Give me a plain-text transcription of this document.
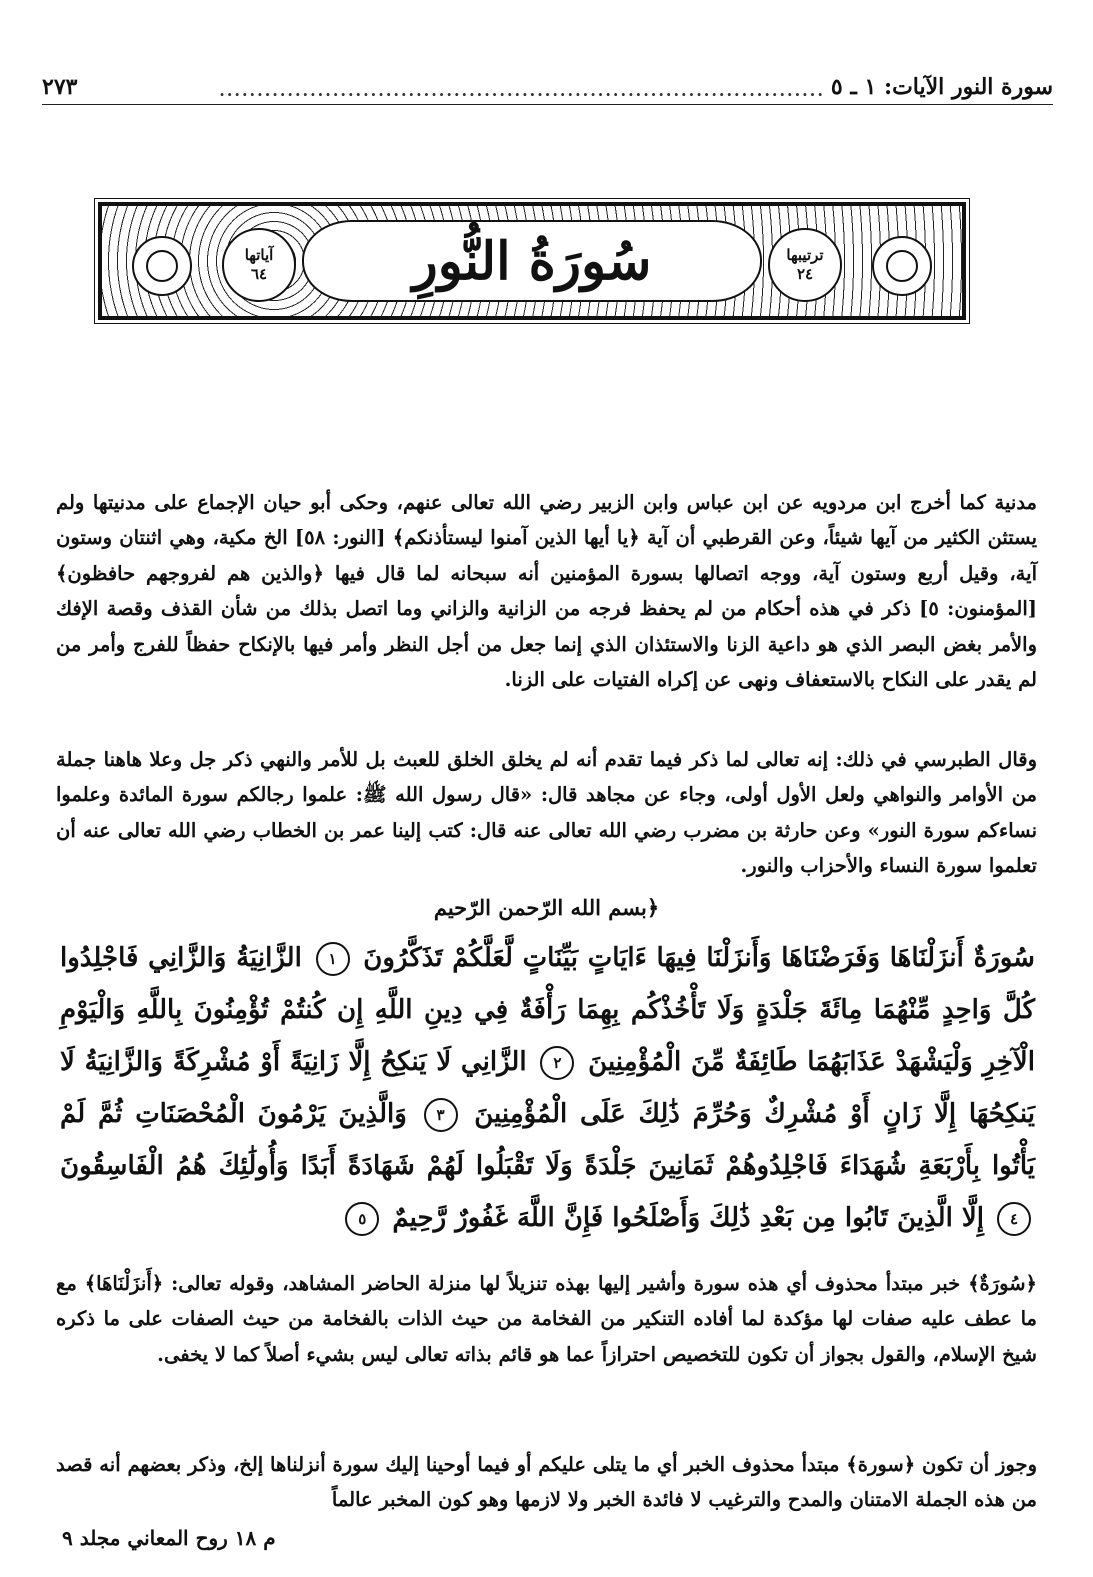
سورة النور الآيات: ١ ـ ٥
................................................................................
٢٧٣
ترتيبها
٢٤
سُورَةُ النُّورِ
آياتها
٦٤

مدنية كما أخرج ابن مردويه عن ابن عباس وابن الزبير رضي الله تعالى عنهم، وحكى أبو حيان الإجماع على مدنيتها ولم يستثن الكثير من آيها شيئاً، وعن القرطبي أن آية ﴿يا أيها الذين آمنوا ليستأذنكم﴾ [النور: ٥٨] الخ مكية، وهي اثنتان وستون آية، وقيل أربع وستون آية، ووجه اتصالها بسورة المؤمنين أنه سبحانه لما قال فيها ﴿والذين هم لفروجهم حافظون﴾ [المؤمنون: ٥] ذكر في هذه أحكام من لم يحفظ فرجه من الزانية والزاني وما اتصل بذلك من شأن القذف وقصة الإفك والأمر بغض البصر الذي هو داعية الزنا والاستئذان الذي إنما جعل من أجل النظر وأمر فيها بالإنكاح حفظاً للفرج وأمر من لم يقدر على النكاح بالاستعفاف ونهى عن إكراه الفتيات على الزنا.

وقال الطبرسي في ذلك: إنه تعالى لما ذكر فيما تقدم أنه لم يخلق الخلق للعبث بل للأمر والنهي ذكر جل وعلا هاهنا جملة من الأوامر والنواهي ولعل الأول أولى، وجاء عن مجاهد قال: «قال رسول الله ﷺ: علموا رجالكم سورة المائدة وعلموا نساءكم سورة النور» وعن حارثة بن مضرب رضي الله تعالى عنه قال: كتب إلينا عمر بن الخطاب رضي الله تعالى عنه أن تعلموا سورة النساء والأحزاب والنور.

﴿بسم الله الرّحمن الرّحيم
سُورَةٌ أَنزَلْنَاهَا وَفَرَضْنَاهَا وَأَنزَلْنَا فِيهَا ءَايَاتٍ بَيِّنَاتٍ لَّعَلَّكُمْ تَذَكَّرُونَ ١ الزَّانِيَةُ وَالزَّانِي فَاجْلِدُوا كُلَّ وَاحِدٍ مِّنْهُمَا مِائَةَ جَلْدَةٍ وَلَا تَأْخُذْكُم بِهِمَا رَأْفَةٌ فِي دِينِ اللَّهِ إِن كُنتُمْ تُؤْمِنُونَ بِاللَّهِ وَالْيَوْمِ الْآخِرِ وَلْيَشْهَدْ عَذَابَهُمَا طَائِفَةٌ مِّنَ الْمُؤْمِنِينَ ٢ الزَّانِي لَا يَنكِحُ إِلَّا زَانِيَةً أَوْ مُشْرِكَةً وَالزَّانِيَةُ لَا يَنكِحُهَا إِلَّا زَانٍ أَوْ مُشْرِكٌ وَحُرِّمَ ذَٰلِكَ عَلَى الْمُؤْمِنِينَ ٣ وَالَّذِينَ يَرْمُونَ الْمُحْصَنَاتِ ثُمَّ لَمْ يَأْتُوا بِأَرْبَعَةِ شُهَدَاءَ فَاجْلِدُوهُمْ ثَمَانِينَ جَلْدَةً وَلَا تَقْبَلُوا لَهُمْ شَهَادَةً أَبَدًا وَأُولَٰئِكَ هُمُ الْفَاسِقُونَ ٤ إِلَّا الَّذِينَ تَابُوا مِن بَعْدِ ذَٰلِكَ وَأَصْلَحُوا فَإِنَّ اللَّهَ غَفُورٌ رَّحِيمٌ ٥

﴿سُورَةٌ﴾ خبر مبتدأ محذوف أي هذه سورة وأشير إليها بهذه تنزيلاً لها منزلة الحاضر المشاهد، وقوله تعالى: ﴿أَنزَلْنَاهَا﴾ مع ما عطف عليه صفات لها مؤكدة لما أفاده التنكير من الفخامة من حيث الذات بالفخامة من حيث الصفات على ما ذكره شيخ الإسلام، والقول بجواز أن تكون للتخصيص احترازاً عما هو قائم بذاته تعالى ليس بشيء أصلاً كما لا يخفى.

وجوز أن تكون ﴿سورة﴾ مبتدأ محذوف الخبر أي ما يتلى عليكم أو فيما أوحينا إليك سورة أنزلناها إلخ، وذكر بعضهم أنه قصد من هذه الجملة الامتنان والمدح والترغيب لا فائدة الخبر ولا لازمها وهو كون المخبر عالماً

م ١٨ روح المعاني مجلد ٩
